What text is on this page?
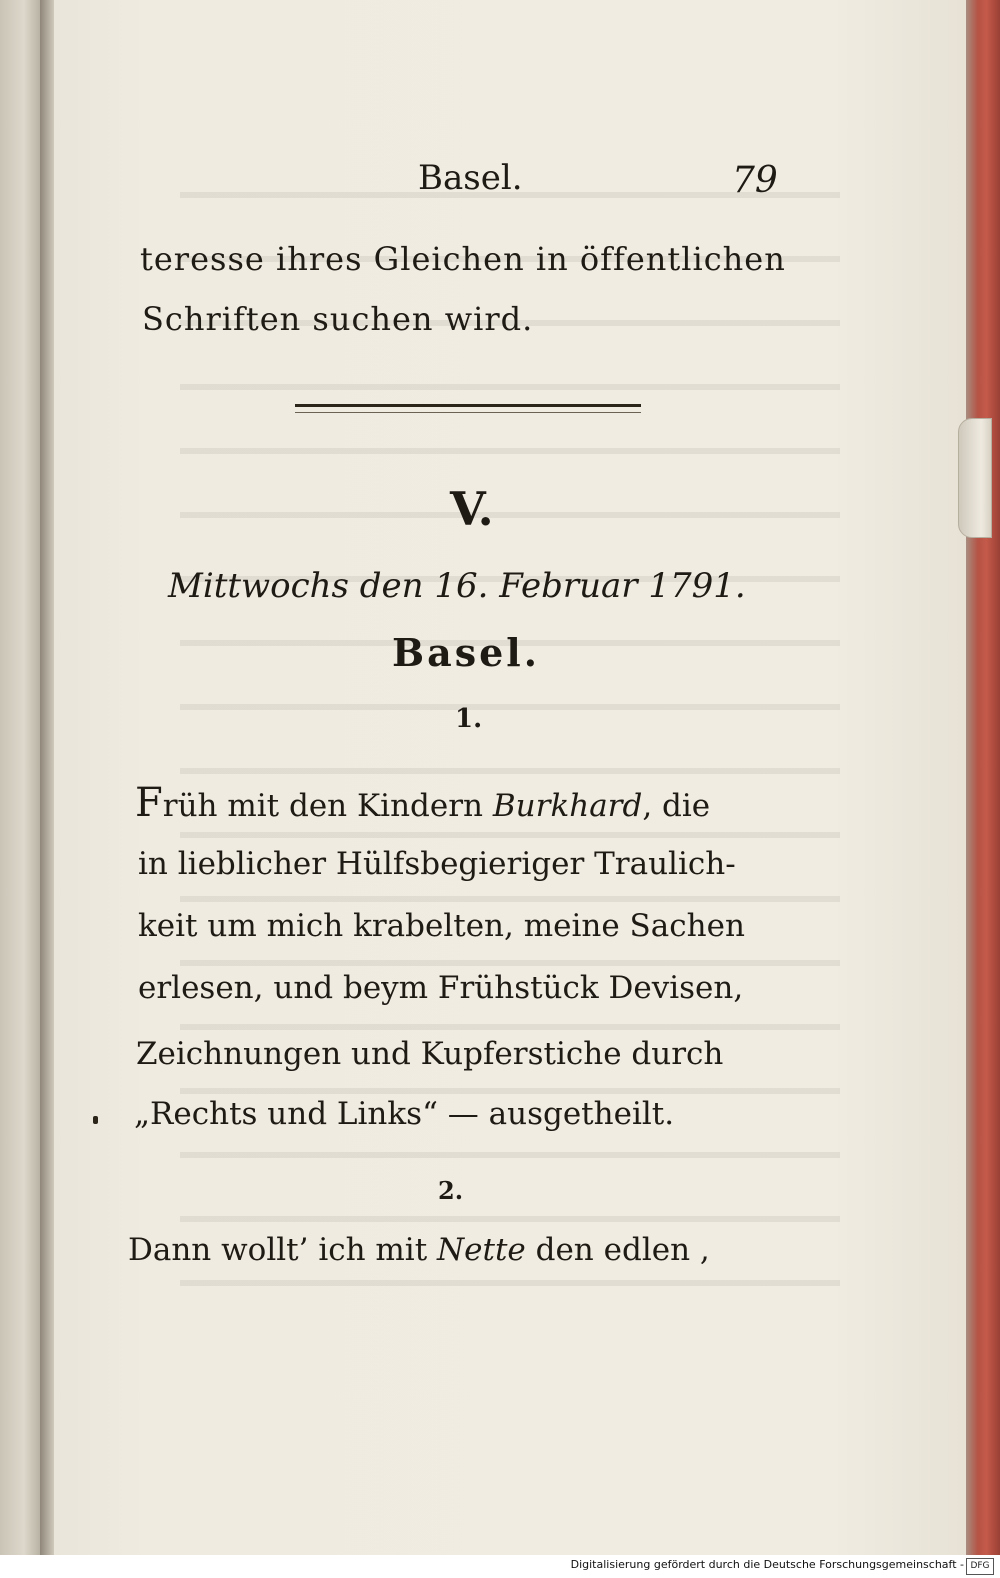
Basel.	79
teresse ihres Gleichen in öffentlichen
Schriften suchen wird.
V.
Mittwochs den 16. Februar 1791.
Basel.
1.
Früh mit den Kindern Burkhard, die
in lieblicher Hülfsbegieriger Traulich-
keit um mich krabelten, meine Sachen
erlesen, und beym Frühstück Devisen,
Zeichnungen und Kupferstiche durch
„Rechts und Links“ — ausgetheilt.
2.
Dann wollt’ ich mit Nette den edlen ,
Digitalisierung gefördert durch die Deutsche Forschungsgemeinschaft - DFG
